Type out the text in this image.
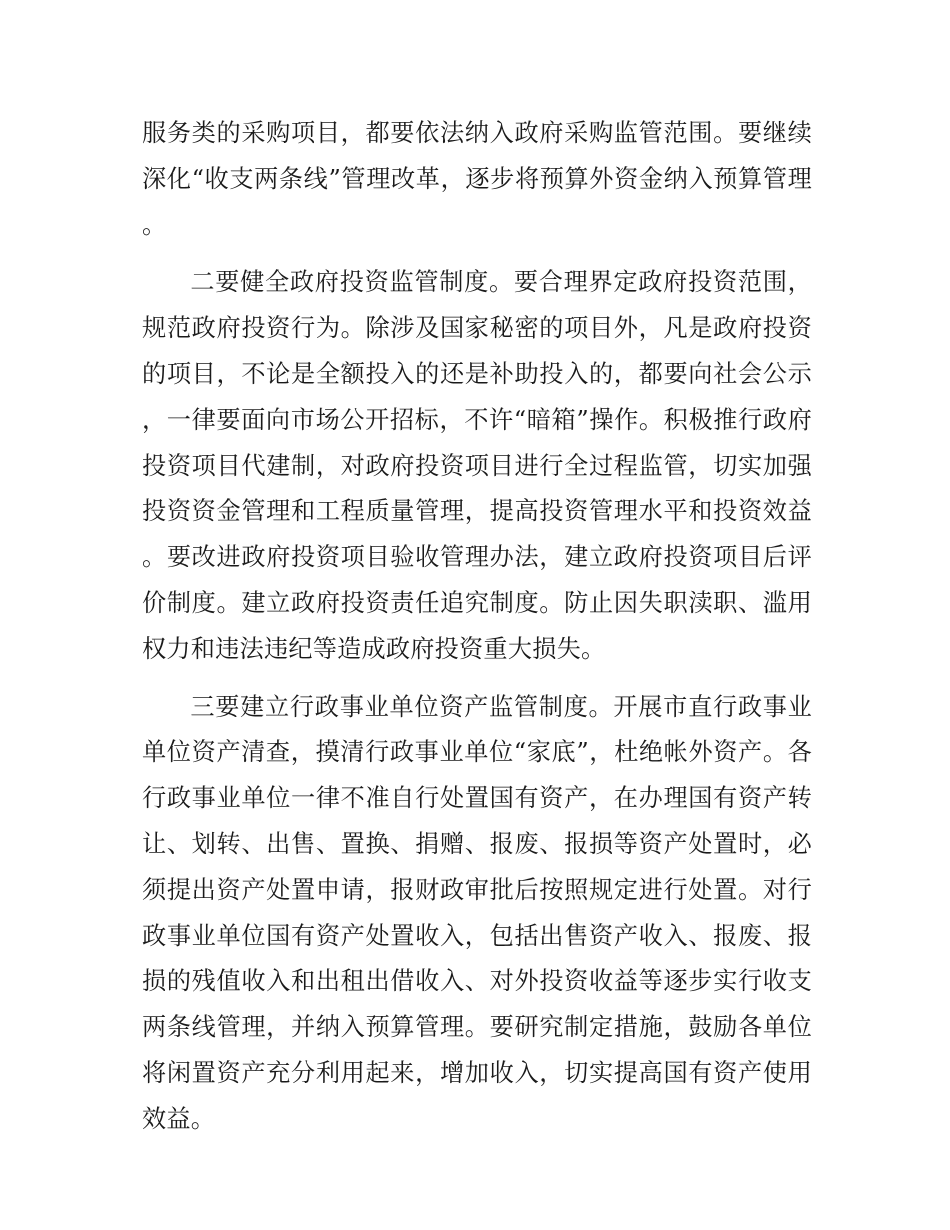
服务类的采购项目，都要依法纳入政府采购监管范围。要继续深化“收支两条线”管理改革，逐步将预算外资金纳入预算管理。

二要健全政府投资监管制度。要合理界定政府投资范围，规范政府投资行为。除涉及国家秘密的项目外，凡是政府投资的项目，不论是全额投入的还是补助投入的，都要向社会公示，一律要面向市场公开招标，不许“暗箱”操作。积极推行政府投资项目代建制，对政府投资项目进行全过程监管，切实加强投资资金管理和工程质量管理，提高投资管理水平和投资效益。要改进政府投资项目验收管理办法，建立政府投资项目后评价制度。建立政府投资责任追究制度。防止因失职渎职、滥用权力和违法违纪等造成政府投资重大损失。

三要建立行政事业单位资产监管制度。开展市直行政事业单位资产清查，摸清行政事业单位“家底”，杜绝帐外资产。各行政事业单位一律不准自行处置国有资产，在办理国有资产转让、划转、出售、置换、捐赠、报废、报损等资产处置时，必须提出资产处置申请，报财政审批后按照规定进行处置。对行政事业单位国有资产处置收入，包括出售资产收入、报废、报损的残值收入和出租出借收入、对外投资收益等逐步实行收支两条线管理，并纳入预算管理。要研究制定措施，鼓励各单位将闲置资产充分利用起来，增加收入，切实提高国有资产使用效益。
